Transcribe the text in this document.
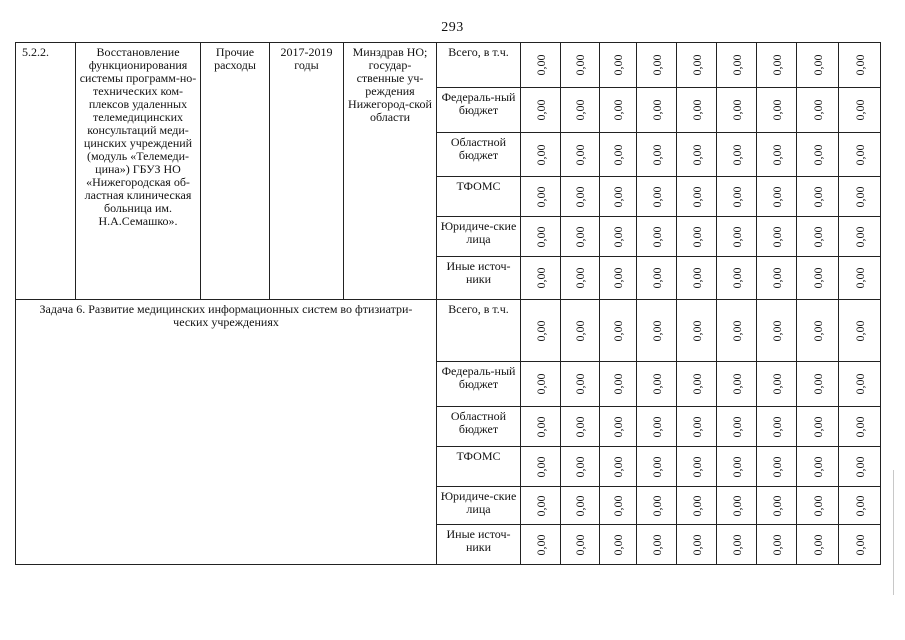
293
5.2.2.	Восстановление функционирования системы программ-но-технических ком-плексов удаленных телемедицинских консультаций меди-цинских учреждений (модуль «Телемеди-цина») ГБУЗ НО «Нижегородская об-ластная клиническая больница им. Н.А.Семашко».	Прочие расходы	2017-2019 годы	Минздрав НО; государ-ственные уч-реждения Нижегород-ской области	Всего, в т.ч.	0,00	0,00	0,00	0,00	0,00	0,00	0,00	0,00	0,00

					Федераль-ный бюджет	0,00	0,00	0,00	0,00	0,00	0,00	0,00	0,00	0,00

					Областной бюджет	0,00	0,00	0,00	0,00	0,00	0,00	0,00	0,00	0,00

					ТФОМС	0,00	0,00	0,00	0,00	0,00	0,00	0,00	0,00	0,00

					Юридиче-ские лица	0,00	0,00	0,00	0,00	0,00	0,00	0,00	0,00	0,00

					Иные источ-ники	0,00	0,00	0,00	0,00	0,00	0,00	0,00	0,00	0,00

Задача 6. Развитие медицинских информационных систем во фтизиатри-ческих учреждениях					Всего, в т.ч.	0,00	0,00	0,00	0,00	0,00	0,00	0,00	0,00	0,00

					Федераль-ный бюджет	0,00	0,00	0,00	0,00	0,00	0,00	0,00	0,00	0,00

					Областной бюджет	0,00	0,00	0,00	0,00	0,00	0,00	0,00	0,00	0,00

					ТФОМС	0,00	0,00	0,00	0,00	0,00	0,00	0,00	0,00	0,00

					Юридиче-ские лица	0,00	0,00	0,00	0,00	0,00	0,00	0,00	0,00	0,00

					Иные источ-ники	0,00	0,00	0,00	0,00	0,00	0,00	0,00	0,00	0,00
